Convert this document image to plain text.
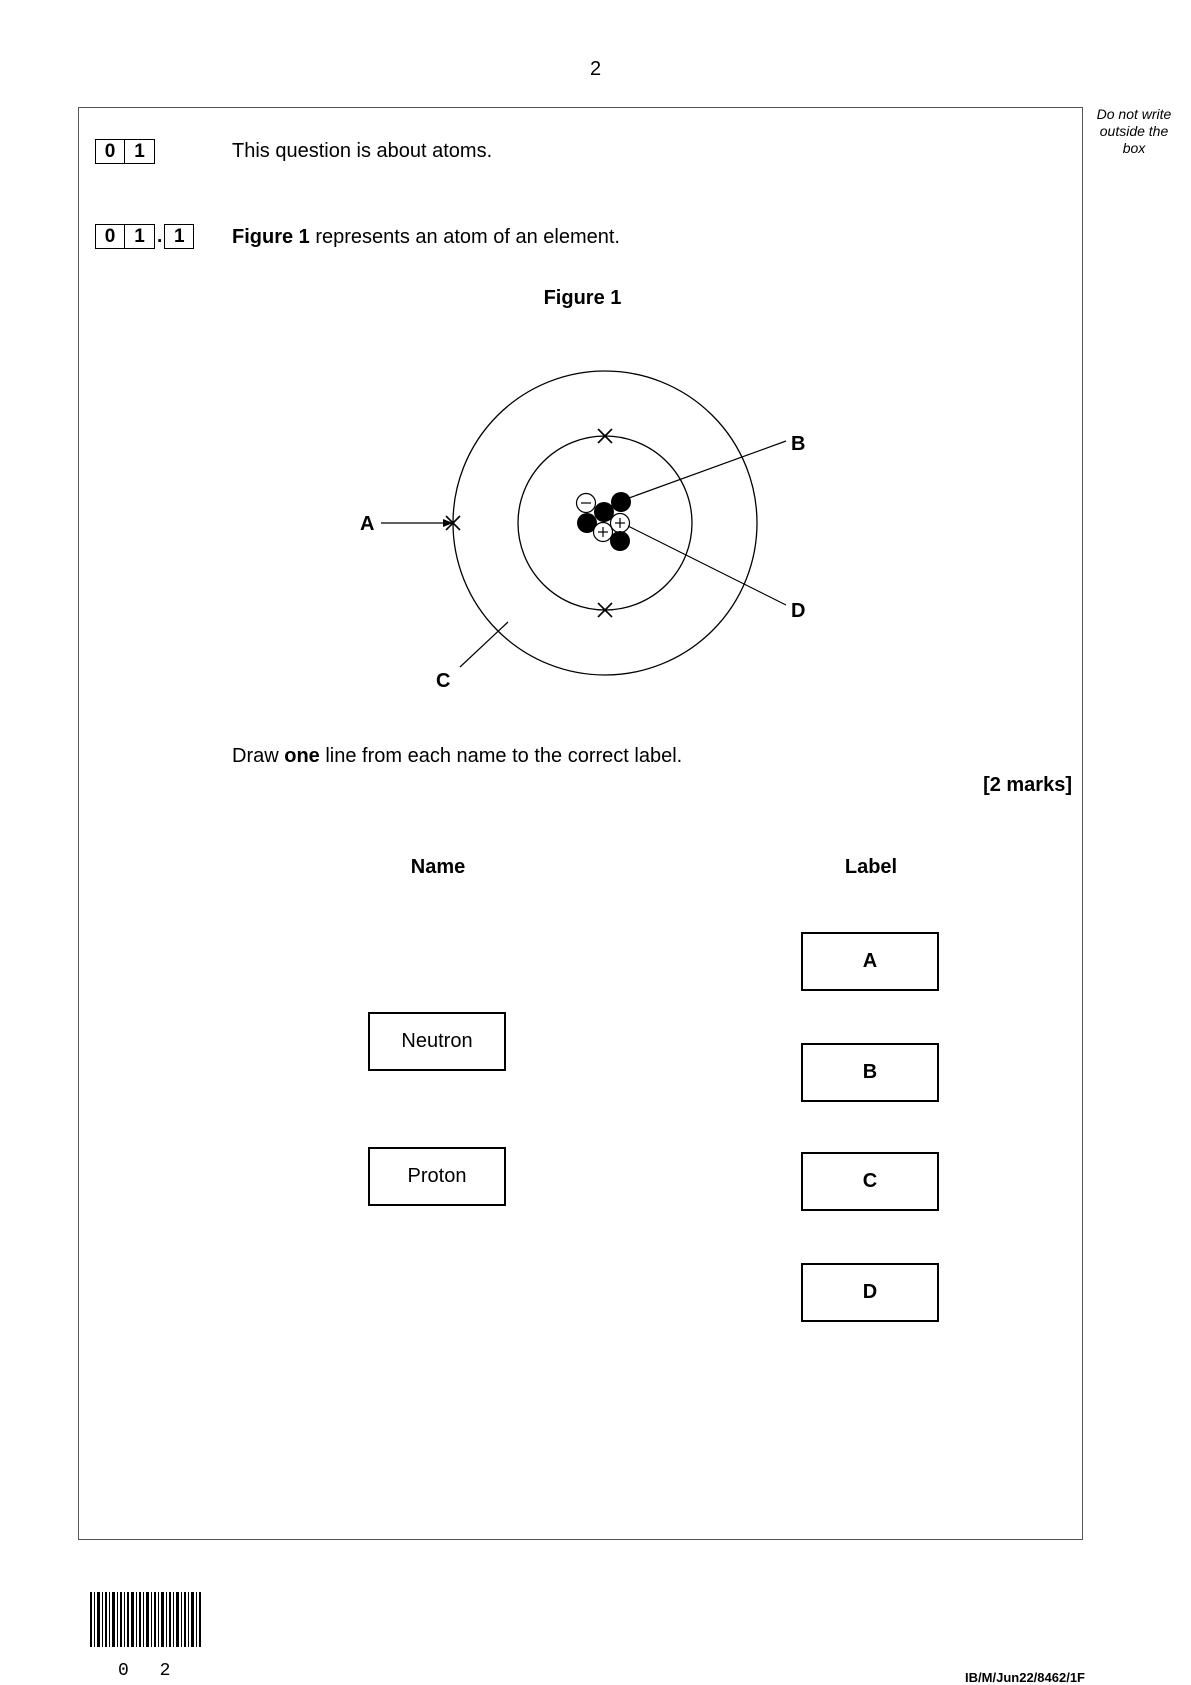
2
Do not write outside the box
0 1	This question is about atoms.
0 1 . 1	Figure 1 represents an atom of an element.
Figure 1
A
B
C
D
Draw one line from each name to the correct label.
[2 marks]
Name	Label
Neutron
Proton
A
B
C
D
0 2	IB/M/Jun22/8462/1F
